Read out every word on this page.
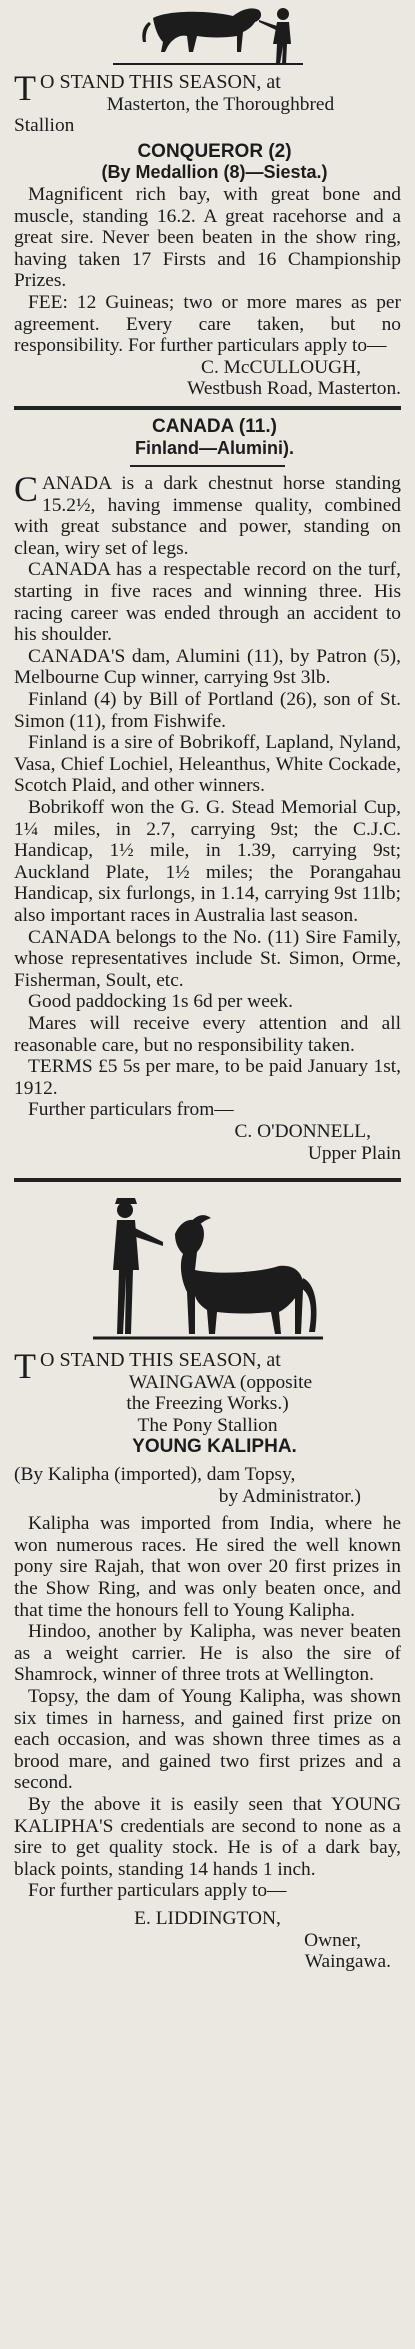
TO STAND THIS SEASON, at

Masterton, the Thoroughbred

Stallion

CONQUEROR (2)

(By Medallion (8)—Siesta.)

Magnificent rich bay, with great bone and muscle, standing 16.2. A great racehorse and a great sire. Never been beaten in the show ring, having taken 17 Firsts and 16 Championship Prizes.

FEE: 12 Guineas; two or more mares as per agreement. Every care taken, but no responsibility. For further particulars apply to—

C. McCULLOUGH,

Westbush Road, Masterton.

CANADA (11.)

Finland—Alumini).

CANADA is a dark chestnut horse standing 15.2½, having immense quality, combined with great substance and power, standing on clean, wiry set of legs.

CANADA has a respectable record on the turf, starting in five races and winning three. His racing career was ended through an accident to his shoulder.

CANADA'S dam, Alumini (11), by Patron (5), Melbourne Cup winner, carrying 9st 3lb.

Finland (4) by Bill of Portland (26), son of St. Simon (11), from Fishwife.

Finland is a sire of Bobrikoff, Lapland, Nyland, Vasa, Chief Lochiel, Heleanthus, White Cockade, Scotch Plaid, and other winners.

Bobrikoff won the G. G. Stead Memorial Cup, 1¼ miles, in 2.7, carrying 9st; the C.J.C. Handicap, 1½ mile, in 1.39, carrying 9st; Auckland Plate, 1½ miles; the Porangahau Handicap, six furlongs, in 1.14, carrying 9st 11lb; also important races in Australia last season.

CANADA belongs to the No. (11) Sire Family, whose representatives include St. Simon, Orme, Fisherman, Soult, etc.

Good paddocking 1s 6d per week.

Mares will receive every attention and all reasonable care, but no responsibility taken.

TERMS £5 5s per mare, to be paid January 1st, 1912.

Further particulars from—

C. O'DONNELL,

Upper Plain

TO STAND THIS SEASON, at

WAINGAWA (opposite

the Freezing Works.)

The Pony Stallion

YOUNG KALIPHA.

(By Kalipha (imported), dam Topsy,

by Administrator.)

Kalipha was imported from India, where he won numerous races. He sired the well known pony sire Rajah, that won over 20 first prizes in the Show Ring, and was only beaten once, and that time the honours fell to Young Kalipha.

Hindoo, another by Kalipha, was never beaten as a weight carrier. He is also the sire of Shamrock, winner of three trots at Wellington.

Topsy, the dam of Young Kalipha, was shown six times in harness, and gained first prize on each occasion, and was shown three times as a brood mare, and gained two first prizes and a second.

By the above it is easily seen that YOUNG KALIPHA'S credentials are second to none as a sire to get quality stock. He is of a dark bay, black points, standing 14 hands 1 inch.

For further particulars apply to—

E. LIDDINGTON,

Owner,

Waingawa.
